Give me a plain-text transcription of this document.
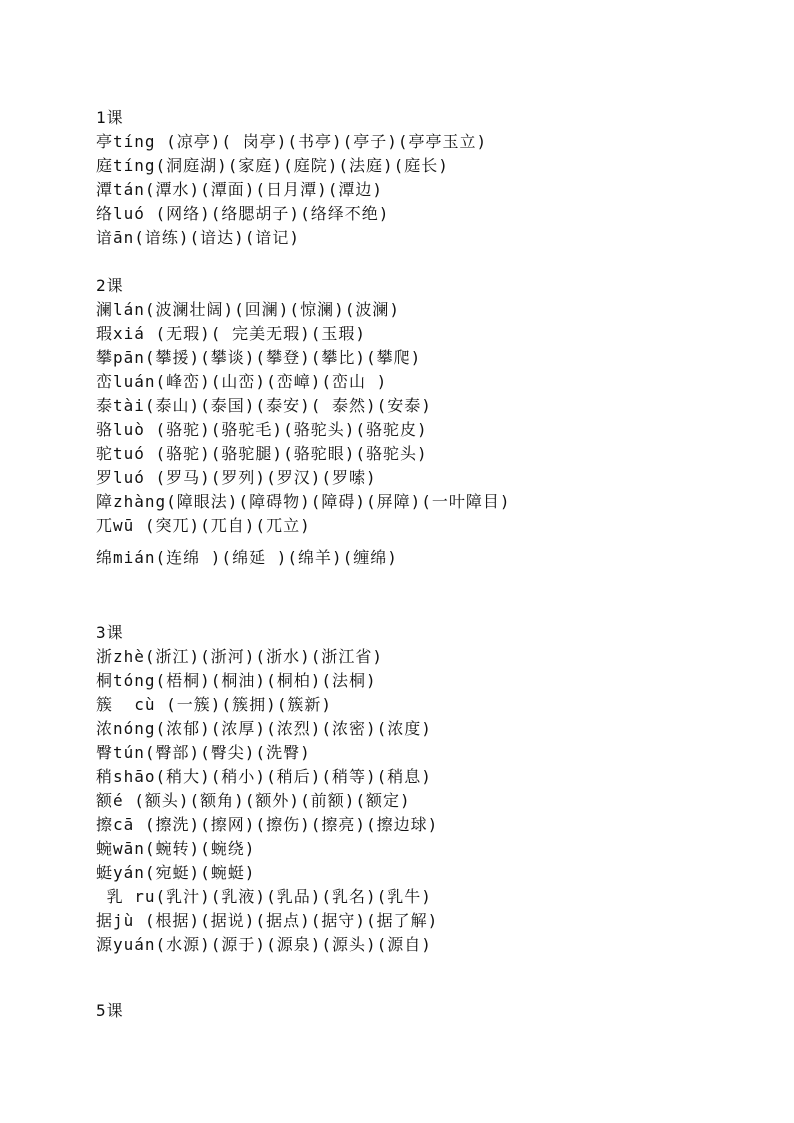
1课
亭tíng (凉亭)( 岗亭)(书亭)(亭子)(亭亭玉立)
庭tíng(洞庭湖)(家庭)(庭院)(法庭)(庭长)
潭tán(潭水)(潭面)(日月潭)(潭边)
络luó (网络)(络腮胡子)(络绎不绝)
谙ān(谙练)(谙达)(谙记)
2课
澜lán(波澜壮阔)(回澜)(惊澜)(波澜)
瑕xiá (无瑕)( 完美无瑕)(玉瑕)
攀pān(攀援)(攀谈)(攀登)(攀比)(攀爬)
峦luán(峰峦)(山峦)(峦嶂)(峦山 )
泰tài(泰山)(泰国)(泰安)( 泰然)(安泰)
骆luò (骆驼)(骆驼毛)(骆驼头)(骆驼皮)
驼tuó (骆驼)(骆驼腿)(骆驼眼)(骆驼头)
罗luó (罗马)(罗列)(罗汉)(罗嗦)
障zhàng(障眼法)(障碍物)(障碍)(屏障)(一叶障目)
兀wū (突兀)(兀自)(兀立)
绵mián(连绵 )(绵延 )(绵羊)(缠绵)
3课
浙zhè(浙江)(浙河)(浙水)(浙江省)
桐tóng(梧桐)(桐油)(桐柏)(法桐)
簇  cù (一簇)(簇拥)(簇新)
浓nóng(浓郁)(浓厚)(浓烈)(浓密)(浓度)
臀tún(臀部)(臀尖)(洗臀)
稍shāo(稍大)(稍小)(稍后)(稍等)(稍息)
额é (额头)(额角)(额外)(前额)(额定)
擦cā (擦洗)(擦网)(擦伤)(擦亮)(擦边球)
蜿wān(蜿转)(蜿绕)
蜓yán(宛蜓)(蜿蜓)
乳 ru(乳汁)(乳液)(乳品)(乳名)(乳牛)
据jù (根据)(据说)(据点)(据守)(据了解)
源yuán(水源)(源于)(源泉)(源头)(源自)
5课
